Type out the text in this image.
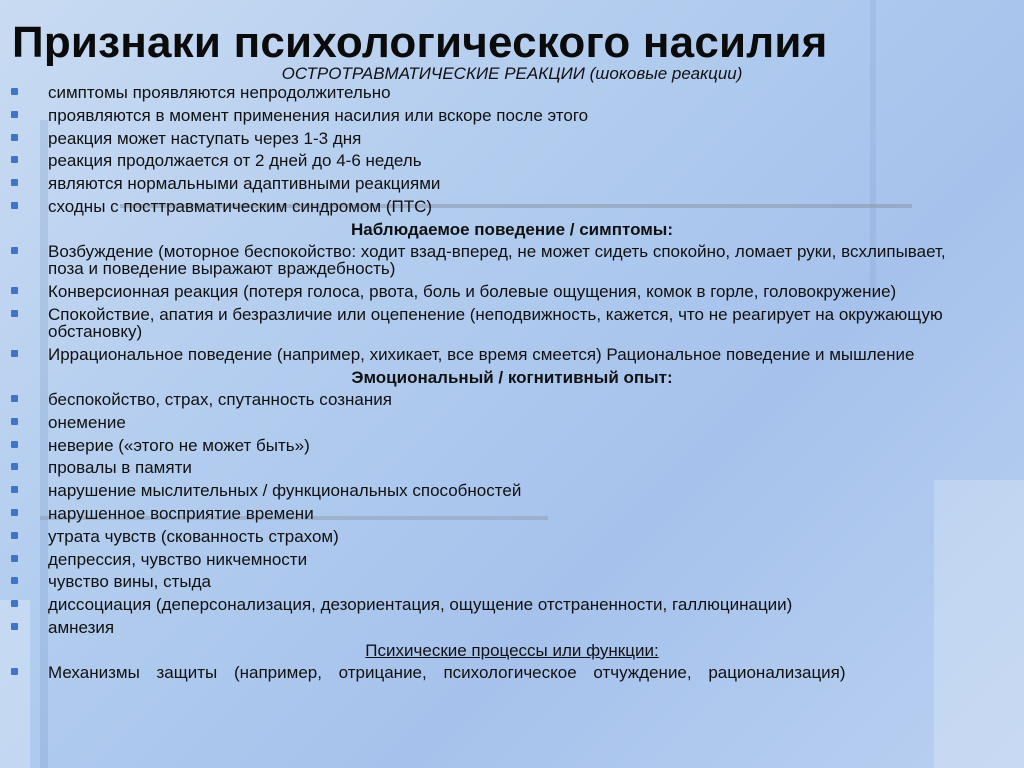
Признаки психологического насилия
ОСТРОТРАВМАТИЧЕСКИЕ РЕАКЦИИ (шоковые реакции)
симптомы проявляются непродолжительно
проявляются в момент применения насилия или вскоре после этого
реакция может наступать через 1-3 дня
реакция продолжается от 2 дней до 4-6 недель
являются нормальными адаптивными реакциями
сходны с посттравматическим синдромом (ПТС)
Наблюдаемое поведение / симптомы:
Возбуждение (моторное беспокойство: ходит взад-вперед, не может сидеть спокойно, ломает руки, всхлипывает, поза и поведение выражают враждебность)
Конверсионная реакция (потеря голоса, рвота, боль и болевые ощущения, комок в горле, головокружение)
Спокойствие, апатия и безразличие или оцепенение (неподвижность, кажется, что не реагирует на окружающую обстановку)
Иррациональное поведение (например, хихикает, все время смеется) Рациональное поведение и мышление
Эмоциональный / когнитивный опыт:
беспокойство, страх, спутанность сознания
онемение
неверие («этого не может быть»)
провалы в памяти
нарушение мыслительных / функциональных способностей
нарушенное восприятие времени
утрата чувств (скованность страхом)
депрессия, чувство никчемности
чувство вины, стыда
диссоциация (деперсонализация, дезориентация, ощущение отстраненности, галлюцинации)
амнезия
Психические процессы или функции:
Механизмы защиты (например, отрицание, психологическое отчуждение, рационализация)
